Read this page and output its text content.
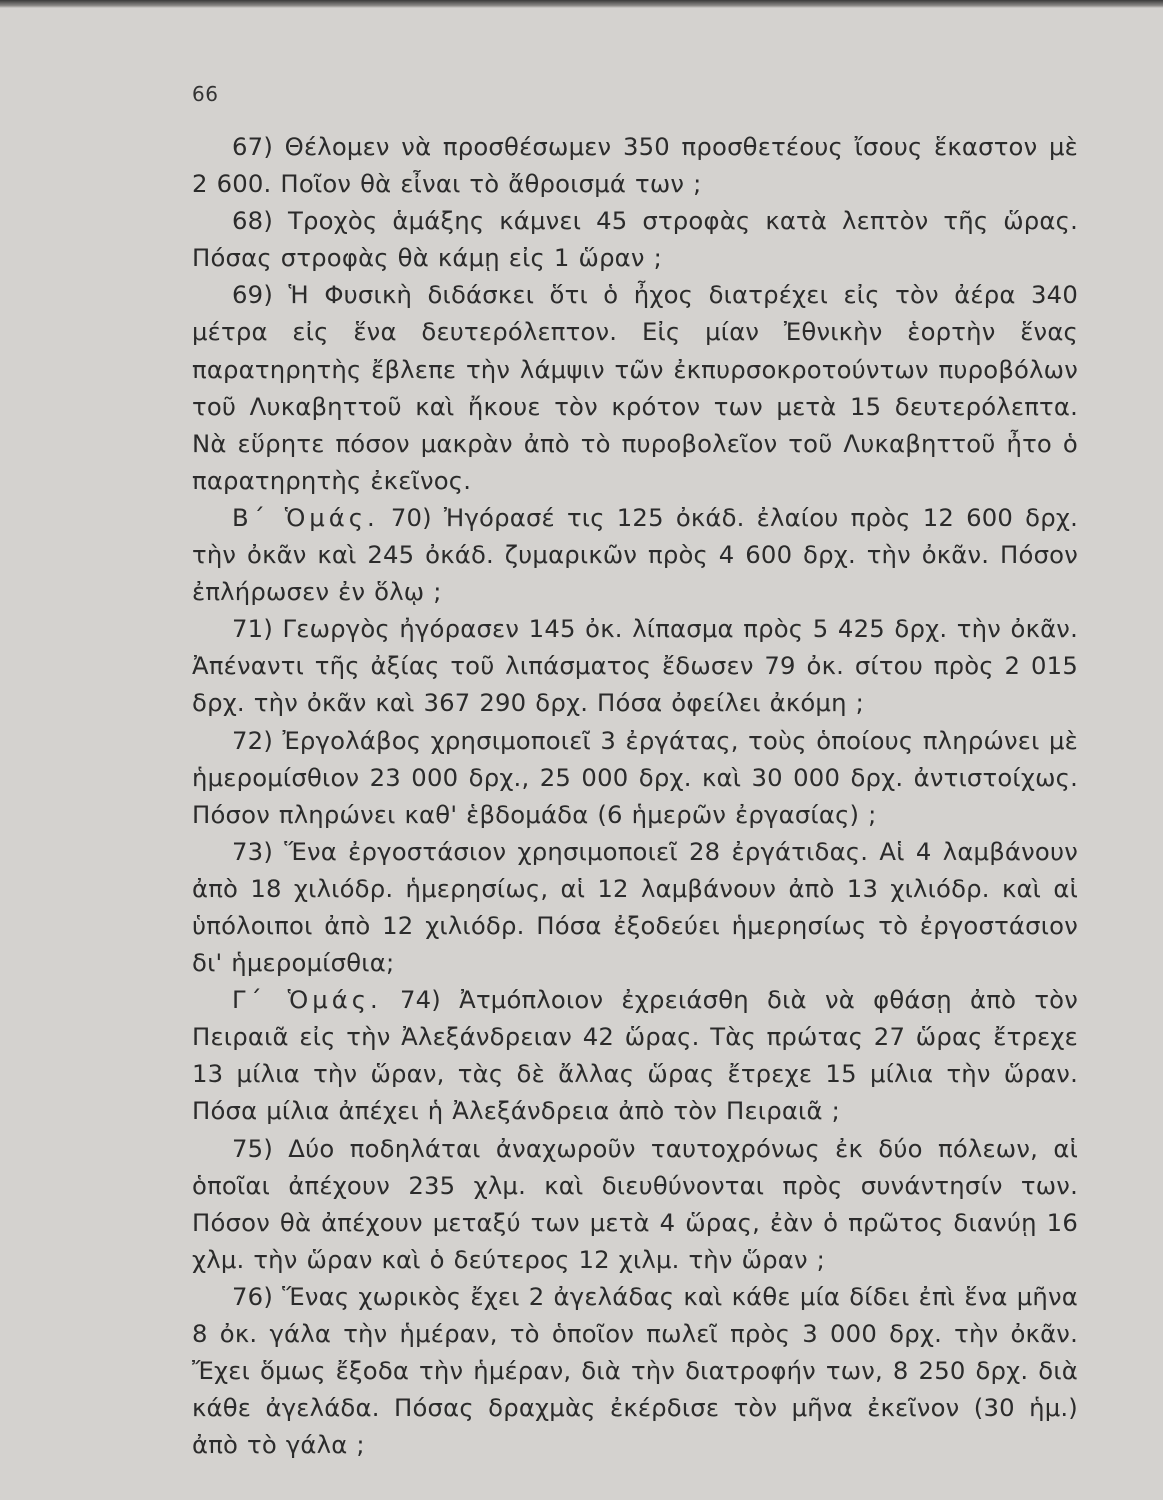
66

67) Θέλομεν νὰ προσθέσωμεν 350 προσθετέους ἴσους ἕκαστον μὲ 2 600. Ποῖον θὰ εἶναι τὸ ἄθροισμά των ;

68) Τροχὸς ἁμάξης κάμνει 45 στροφὰς κατὰ λεπτὸν τῆς ὥρας. Πόσας στροφὰς θὰ κάμῃ εἰς 1 ὥραν ;

69) Ἡ Φυσικὴ διδάσκει ὅτι ὁ ἦχος διατρέχει εἰς τὸν ἀέρα 340 μέτρα εἰς ἕνα δευτερόλεπτον. Εἰς μίαν Ἐθνικὴν ἑορτὴν ἕνας παρατηρητὴς ἔβλεπε τὴν λάμψιν τῶν ἐκπυρσοκροτούντων πυροβόλων τοῦ Λυκαβηττοῦ καὶ ἤκουε τὸν κρότον των μετὰ 15 δευτερόλεπτα. Νὰ εὕρητε πόσον μακρὰν ἀπὸ τὸ πυροβολεῖον τοῦ Λυκαβηττοῦ ἦτο ὁ παρατηρητὴς ἐκεῖνος.

Β΄ Ὁμάς. 70) Ἠγόρασέ τις 125 ὀκάδ. ἐλαίου πρὸς 12 600 δρχ. τὴν ὀκᾶν καὶ 245 ὀκάδ. ζυμαρικῶν πρὸς 4 600 δρχ. τὴν ὀκᾶν. Πόσον ἐπλήρωσεν ἐν ὅλῳ ;

71) Γεωργὸς ἠγόρασεν 145 ὀκ. λίπασμα πρὸς 5 425 δρχ. τὴν ὀκᾶν. Ἀπέναντι τῆς ἀξίας τοῦ λιπάσματος ἔδωσεν 79 ὀκ. σίτου πρὸς 2 015 δρχ. τὴν ὀκᾶν καὶ 367 290 δρχ. Πόσα ὀφείλει ἀκόμη ;

72) Ἐργολάβος χρησιμοποιεῖ 3 ἐργάτας, τοὺς ὁποίους πληρώνει μὲ ἡμερομίσθιον 23 000 δρχ., 25 000 δρχ. καὶ 30 000 δρχ. ἀντιστοίχως. Πόσον πληρώνει καθ' ἑβδομάδα (6 ἡμερῶν ἐργασίας) ;

73) Ἕνα ἐργοστάσιον χρησιμοποιεῖ 28 ἐργάτιδας. Αἱ 4 λαμβάνουν ἀπὸ 18 χιλιόδρ. ἡμερησίως, αἱ 12 λαμβάνουν ἀπὸ 13 χιλιόδρ. καὶ αἱ ὑπόλοιποι ἀπὸ 12 χιλιόδρ. Πόσα ἐξοδεύει ἡμερησίως τὸ ἐργοστάσιον δι' ἡμερομίσθια;

Γ΄ Ὁμάς. 74) Ἀτμόπλοιον ἐχρειάσθη διὰ νὰ φθάσῃ ἀπὸ τὸν Πειραιᾶ εἰς τὴν Ἀλεξάνδρειαν 42 ὥρας. Τὰς πρώτας 27 ὥρας ἔτρεχε 13 μίλια τὴν ὥραν, τὰς δὲ ἄλλας ὥρας ἔτρεχε 15 μίλια τὴν ὥραν. Πόσα μίλια ἀπέχει ἡ Ἀλεξάνδρεια ἀπὸ τὸν Πειραιᾶ ;

75) Δύο ποδηλάται ἀναχωροῦν ταυτοχρόνως ἐκ δύο πόλεων, αἱ ὁποῖαι ἀπέχουν 235 χλμ. καὶ διευθύνονται πρὸς συνάντησίν των. Πόσον θὰ ἀπέχουν μεταξύ των μετὰ 4 ὥρας, ἐὰν ὁ πρῶτος διανύῃ 16 χλμ. τὴν ὥραν καὶ ὁ δεύτερος 12 χιλμ. τὴν ὥραν ;

76) Ἕνας χωρικὸς ἔχει 2 ἀγελάδας καὶ κάθε μία δίδει ἐπὶ ἕνα μῆνα 8 ὀκ. γάλα τὴν ἡμέραν, τὸ ὁποῖον πωλεῖ πρὸς 3 000 δρχ. τὴν ὀκᾶν. Ἔχει ὅμως ἔξοδα τὴν ἡμέραν, διὰ τὴν διατροφήν των, 8 250 δρχ. διὰ κάθε ἀγελάδα. Πόσας δραχμὰς ἐκέρδισε τὸν μῆνα ἐκεῖνον (30 ἡμ.) ἀπὸ τὸ γάλα ;
